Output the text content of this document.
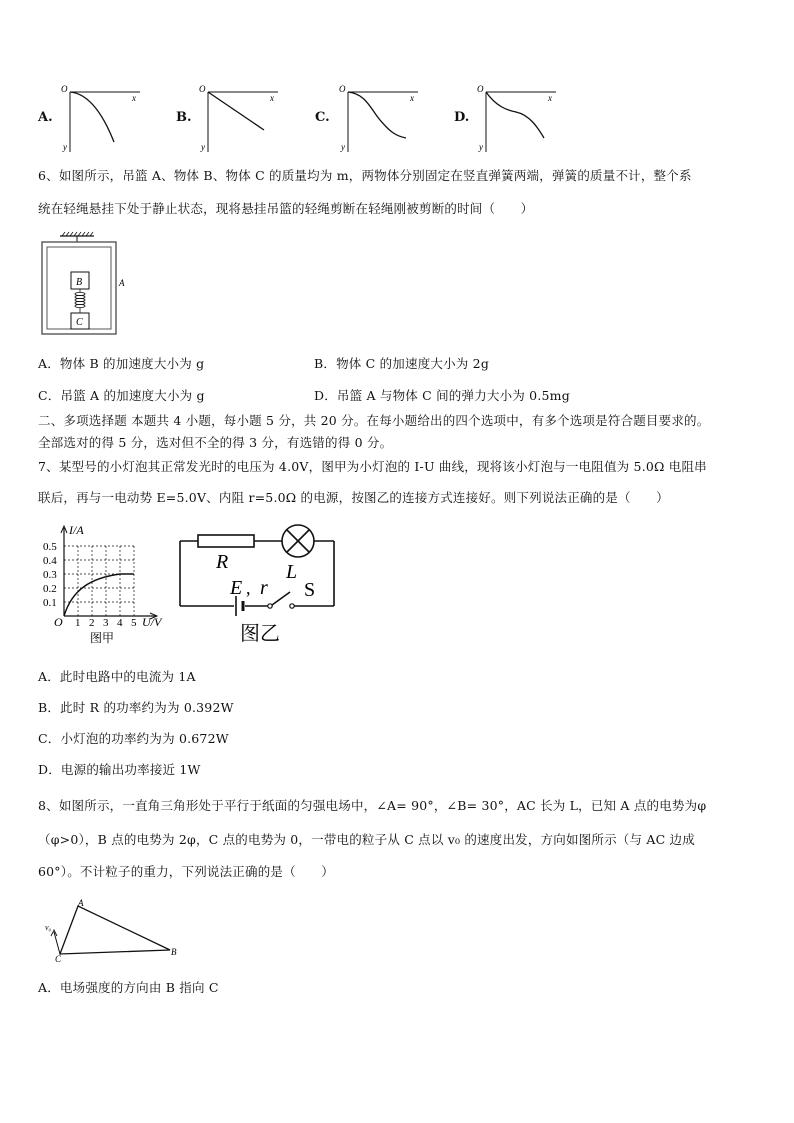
A.
O
x
y
B.
O
x
y
C.
O
x
y
D.
O
x
y
6、如图所示，吊篮 A、物体 B、物体 C 的质量均为 m，两物体分别固定在竖直弹簧两端，弹簧的质量不计，整个系
统在轻绳悬挂下处于静止状态，现将悬挂吊篮的轻绳剪断在轻绳刚被剪断的时间（　　）
B
C
A
A．物体 B 的加速度大小为 g	B．物体 C 的加速度大小为 2g
C．吊篮 A 的加速度大小为 g	D．吊篮 A 与物体 C 间的弹力大小为 0.5mg
二、多项选择题 本题共 4 小题，每小题 5 分，共 20 分。在每小题给出的四个选项中，有多个选项是符合题目要求的。
全部选对的得 5 分，选对但不全的得 3 分，有选错的得 0 分。
7、某型号的小灯泡其正常发光时的电压为 4.0V，图甲为小灯泡的 I-U 曲线，现将该小灯泡与一电阻值为 5.0Ω 电阻串
联后，再与一电动势 E=5.0V、内阻 r=5.0Ω 的电源，按图乙的连接方式连接好。则下列说法正确的是（　　）
I/A
0.5
0.4
0.3
0.2
0.1
O 1 2 3 4 5 U/V
图甲
R	L
E , r S
图乙
A．此时电路中的电流为 1A
B．此时 R 的功率约为为 0.392W
C．小灯泡的功率约为为 0.672W
D．电源的输出功率接近 1W
8、如图所示，一直角三角形处于平行于纸面的匀强电场中，∠A= 90°，∠B= 30°，AC 长为 L，已知 A 点的电势为φ
（φ>0），B 点的电势为 2φ，C 点的电势为 0，一带电的粒子从 C 点以 v₀ 的速度出发，方向如图所示（与 AC 边成
60°）。不计粒子的重力，下列说法正确的是（　　）
A
B
C
v₀
A．电场强度的方向由 B 指向 C
